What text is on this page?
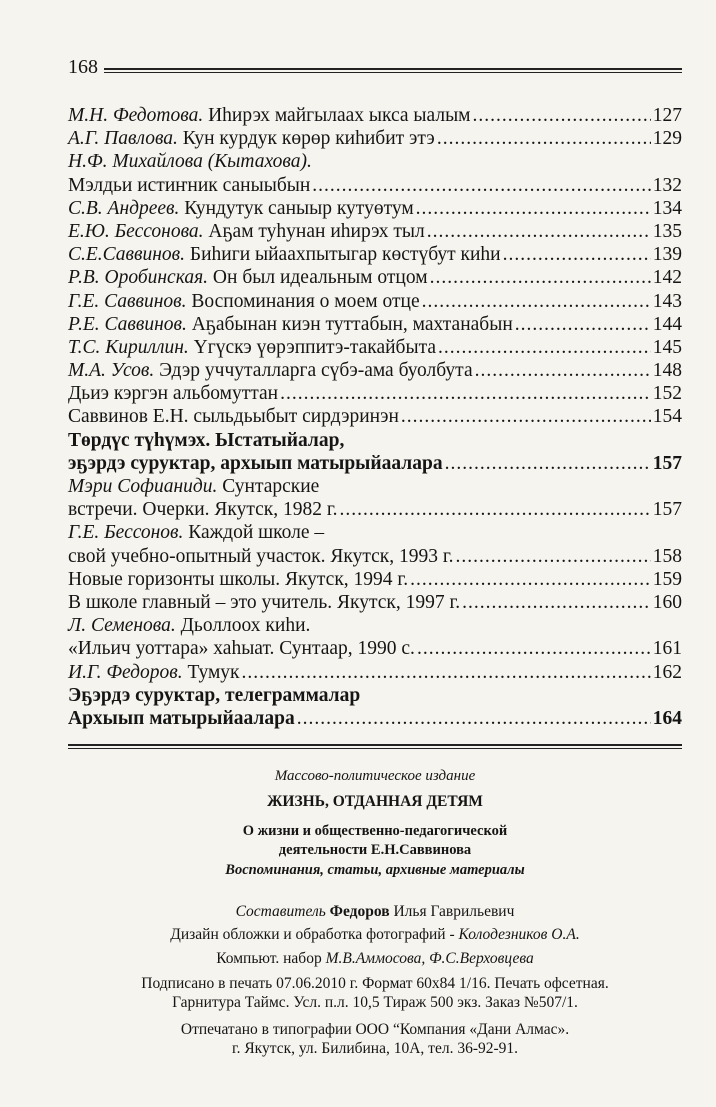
168
М.Н. Федотова. Иhирэх майгылаах ыкса ыалым .....	127
А.Г. Павлова. Кун курдук көрөр киhибит этэ .....	129
Н.Ф. Михайлова (Кытахова).
Мэлдьи истиҥник саныыбын .....	132
С.В. Андреев. Кундутук саныыр кутуөтум .....	134
Е.Ю. Бессонова. Аҕам туhунан иhирэх тыл .....	135
С.Е.Саввинов. Биhиги ыйаахпытыгар көстүбут киhи .....	139
Р.В. Оробинская. Он был идеальным отцом .....	142
Г.Е. Саввинов. Воспоминания о моем отце .....	143
Р.Е. Саввинов. Аҕабынан киэн туттабын, махтанабын .....	144
Т.С. Кириллин. Үгүскэ үөрэппитэ-такайбыта .....	145
М.А. Усов. Эдэр уччуталларга сүбэ-ама буолбута .....	148
Дьиэ кэргэн альбомуттан .....	152
Саввинов Е.Н. сыльдьыбыт сирдэринэн .....	154
Төрдүс түhүмэх. Ыстатыйалар,
эҕэрдэ суруктар, архыып матырыйаалара .....	157
Мэри Софианиди. Сунтарские
встречи. Очерки. Якутск, 1982 г. .....	157
Г.Е. Бессонов. Каждой школе –
свой учебно-опытный участок. Якутск, 1993 г. .....	158
Новые горизонты школы. Якутск, 1994 г. .....	159
В школе главный – это учитель. Якутск, 1997 г. .....	160
Л. Семенова. Дьоллоох киhи.
«Ильич уоттара» хаhыат. Сунтаар, 1990 с. .....	161
И.Г. Федоров. Тумук .....	162
Эҕэрдэ суруктар, телеграммалар
Архыып матырыйаалара .....	164
Массово-политическое издание
ЖИЗНЬ, ОТДАННАЯ ДЕТЯМ
О жизни и общественно-педагогической
деятельности Е.Н.Саввинова
Воспоминания, статьи, архивные материалы
Составитель Федоров Илья Гаврильевич
Дизайн обложки и обработка фотографий - Колодезников О.А.
Компьют. набор М.В.Аммосова, Ф.С.Верховцева
Подписано в печать 07.06.2010 г. Формат 60х84 1/16. Печать офсетная.
Гарнитура Таймс. Усл. п.л. 10,5 Тираж 500 экз. Заказ №507/1.
Отпечатано в типографии ООО “Компания «Дани Алмас».
г. Якутск, ул. Билибина, 10А, тел. 36-92-91.
